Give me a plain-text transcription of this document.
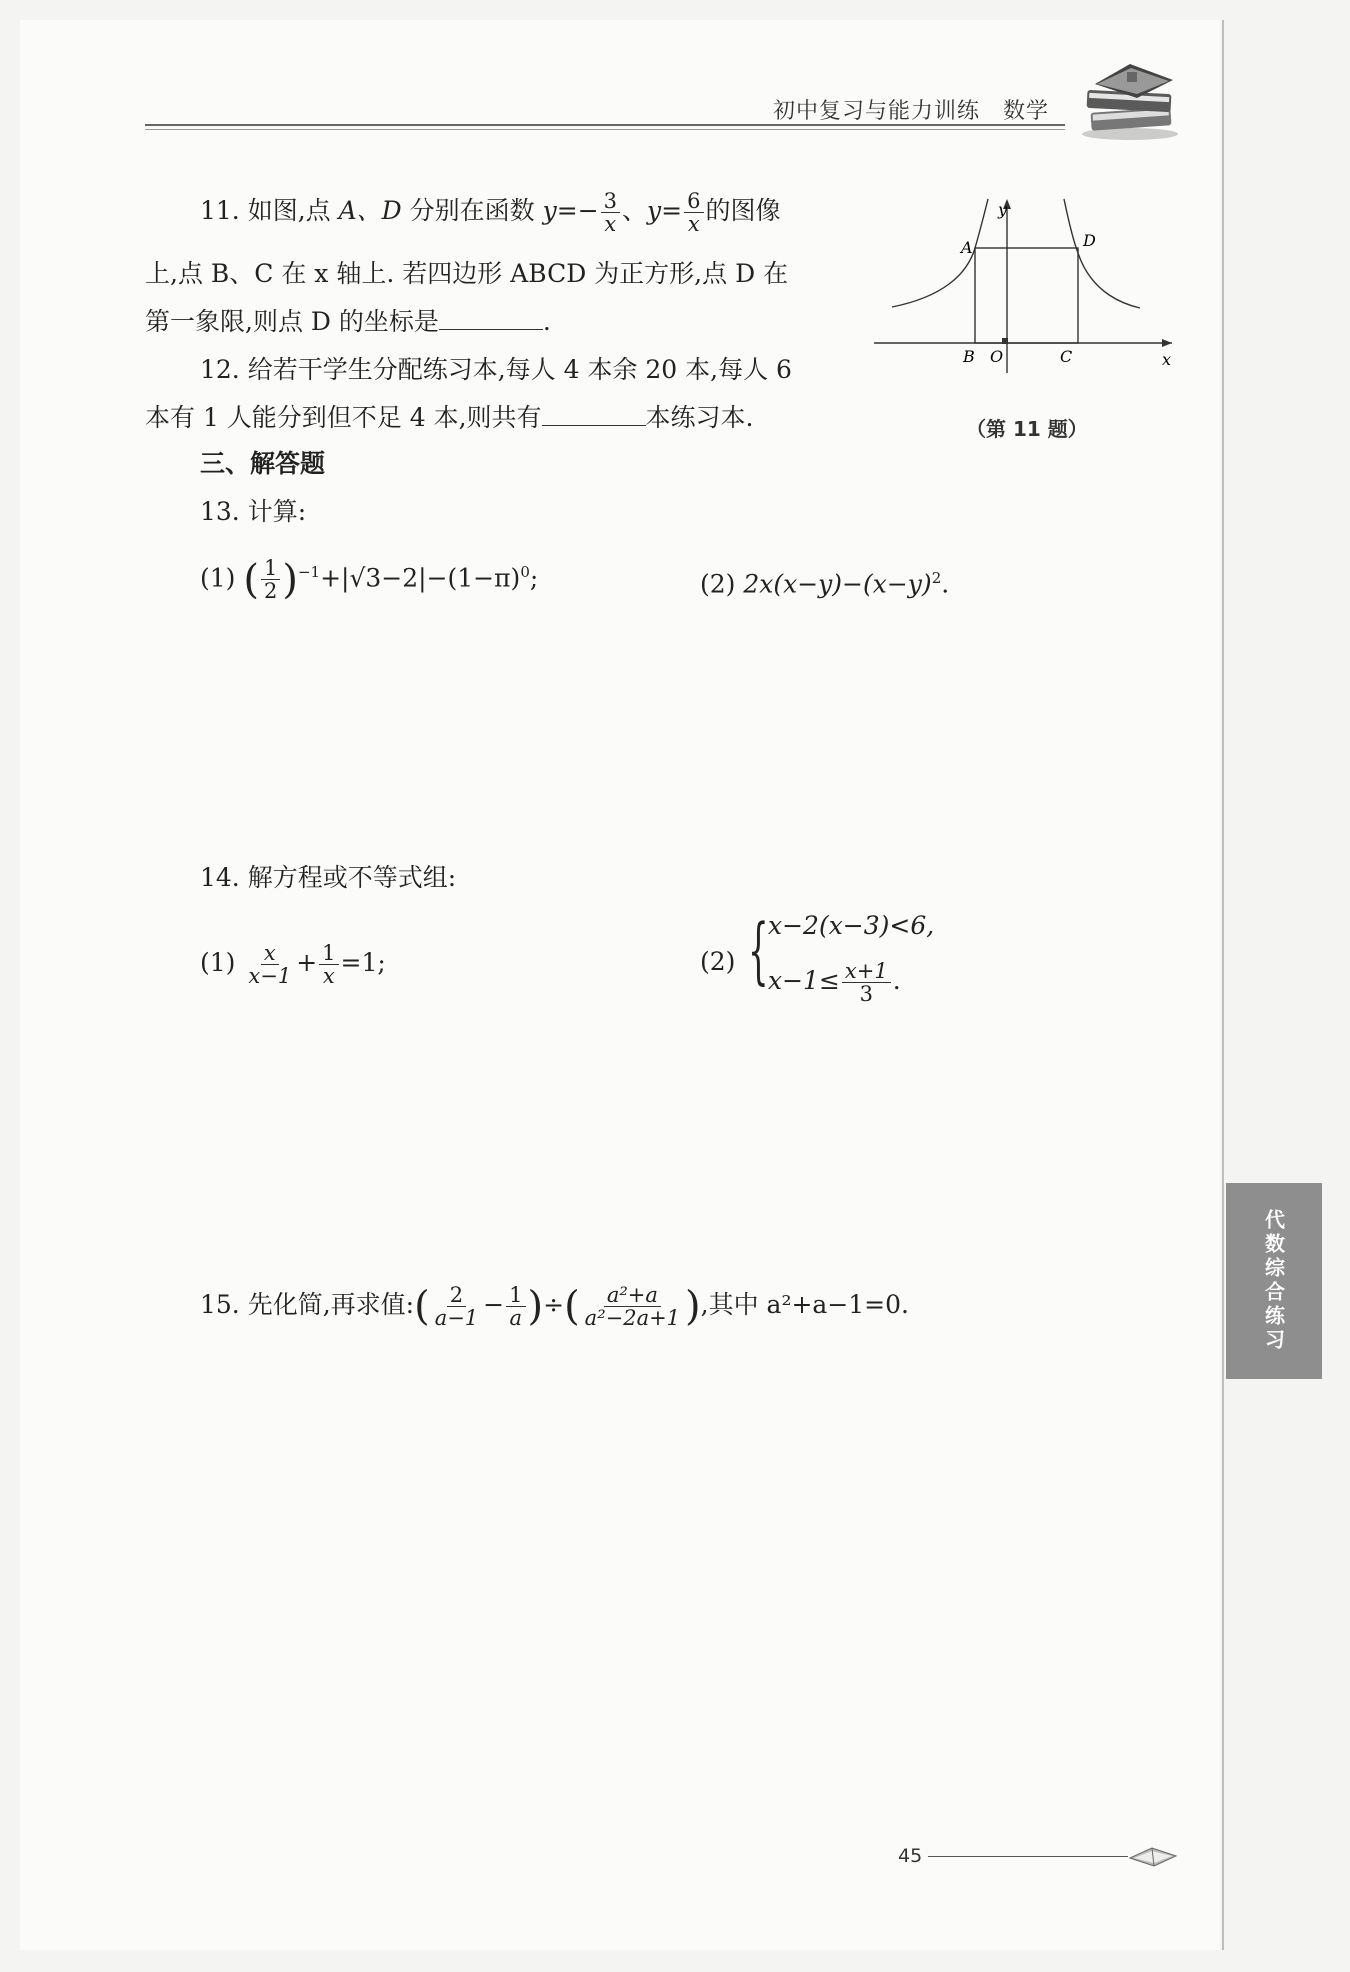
初中复习与能力训练　数学
11. 如图,点 A、D 分别在函数 $y=- \frac{3}{x}$ 、$y= \frac{6}{x}$ 的图像
上,点 B、C 在 x 轴上. 若四边形 ABCD 为正方形,点 D 在
第一象限,则点 D 的坐标是	.
y
x
A	D
B O	C
（第 11 题）
12. 给若干学生分配练习本,每人 4 本余 20 本,每人 6
本有 1 人能分到但不足 4 本,则共有	本练习本.
三、解答题
13. 计算:
(1) ( $\frac{1}{2} )^{-1}+|√3-2|-(1-\pi)^0$;	(2) $2x(x-y)-(x-y)^2$.
14. 解方程或不等式组:
$(1) \frac{x}{x-1} + \frac{1}{x} =1$;	(2) { x−2(x−3)<6,
$x-1\le \frac{x+1}{3}$ .
15. 先化简,再求值:( $\frac{2}{a-1} - \frac{1}{a}$ )÷( $\frac{\text{a²+a}}{\text{a²−2a+1}}$ ),其中 a²+a−1=0.	代数综合练习
45
